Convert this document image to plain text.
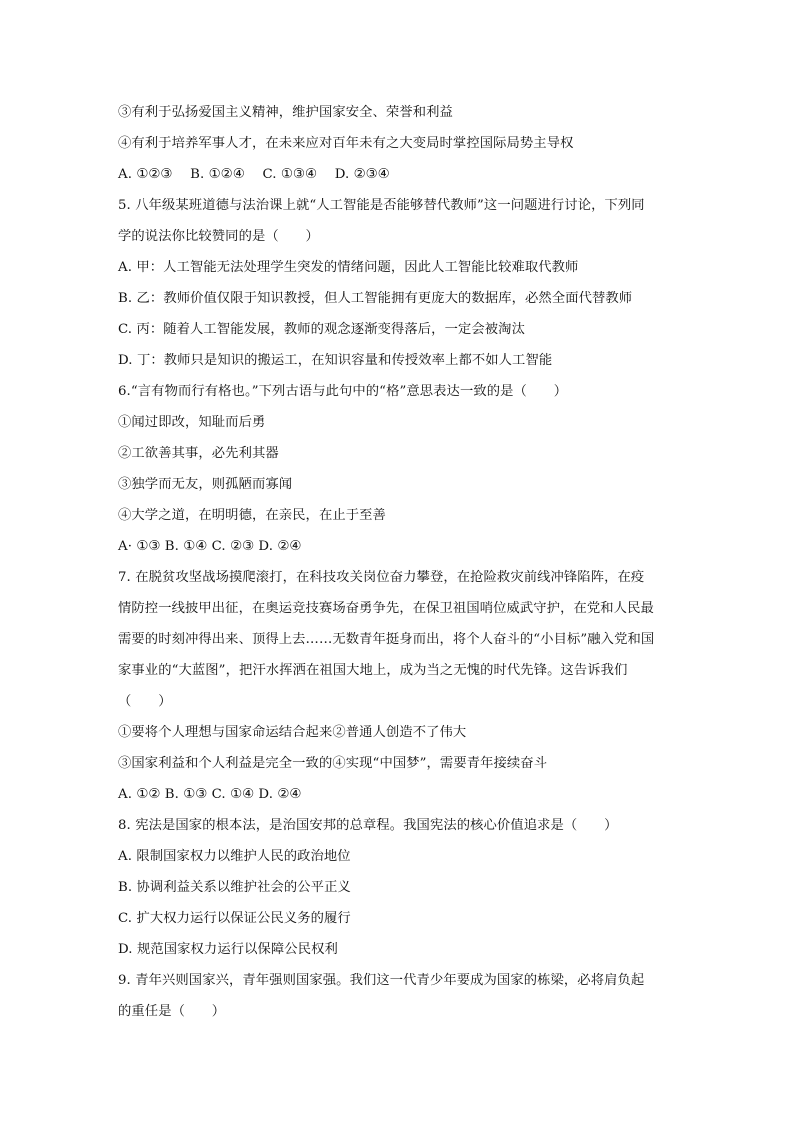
③有利于弘扬爱国主义精神，维护国家安全、荣誉和利益
④有利于培养军事人才，在未来应对百年未有之大变局时掌控国际局势主导权
A. ①②③　 B. ①②④　 C. ①③④　 D. ②③④
5. 八年级某班道德与法治课上就“人工智能是否能够替代教师”这一问题进行讨论，下列同
学的说法你比较赞同的是（　　）
A. 甲：人工智能无法处理学生突发的情绪问题，因此人工智能比较难取代教师
B. 乙：教师价值仅限于知识教授，但人工智能拥有更庞大的数据库，必然全面代替教师
C. 丙：随着人工智能发展，教师的观念逐渐变得落后，一定会被淘汰
D. 丁：教师只是知识的搬运工，在知识容量和传授效率上都不如人工智能
6.“言有物而行有格也。”下列古语与此句中的“格”意思表达一致的是（　　）
①闻过即改，知耻而后勇
②工欲善其事，必先利其器
③独学而无友，则孤陋而寡闻
④大学之道，在明明德，在亲民，在止于至善
A· ①③ B. ①④ C. ②③ D. ②④
7. 在脱贫攻坚战场摸爬滚打，在科技攻关岗位奋力攀登，在抢险救灾前线冲锋陷阵，在疫
情防控一线披甲出征，在奥运竞技赛场奋勇争先，在保卫祖国哨位威武守护，在党和人民最
需要的时刻冲得出来、顶得上去……无数青年挺身而出，将个人奋斗的“小目标”融入党和国
家事业的“大蓝图”，把汗水挥洒在祖国大地上，成为当之无愧的时代先锋。这告诉我们
（　　）
①要将个人理想与国家命运结合起来②普通人创造不了伟大
③国家利益和个人利益是完全一致的④实现“中国梦”，需要青年接续奋斗
A. ①② B. ①③ C. ①④ D. ②④
8. 宪法是国家的根本法，是治国安邦的总章程。我国宪法的核心价值追求是（　　）
A. 限制国家权力以维护人民的政治地位
B. 协调利益关系以维护社会的公平正义
C. 扩大权力运行以保证公民义务的履行
D. 规范国家权力运行以保障公民权利
9. 青年兴则国家兴，青年强则国家强。我们这一代青少年要成为国家的栋梁，必将肩负起
的重任是（　　）
